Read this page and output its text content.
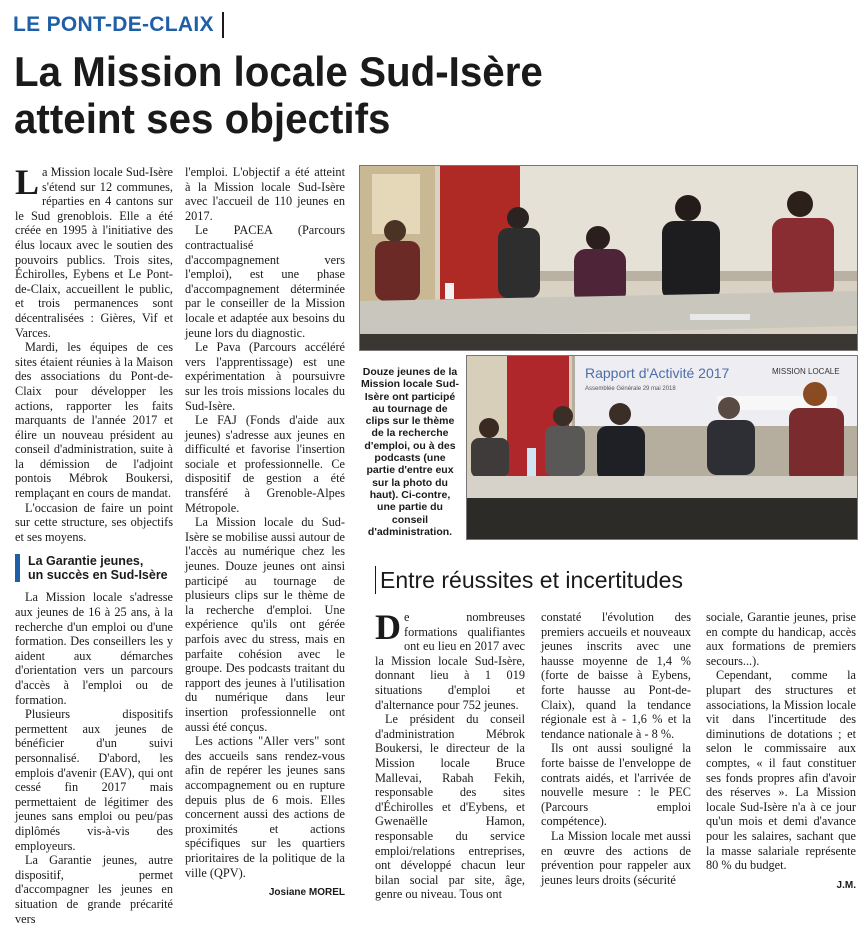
LE PONT-DE-CLAIX
La Mission locale Sud-Isère
atteint ses objectifs

La Mission locale Sud-Isère s'étend sur 12 communes, réparties en 4 cantons sur le Sud grenoblois. Elle a été créée en 1995 à l'initiative des élus locaux avec le soutien des pouvoirs publics. Trois sites, Échirolles, Eybens et Le Pont-de-Claix, accueillent le public, et trois permanences sont décentralisées : Gières, Vif et Varces.

Mardi, les équipes de ces sites étaient réunies à la Maison des associations du Pont-de-Claix pour développer les actions, rapporter les faits marquants de l'année 2017 et élire un nouveau président au conseil d'administration, suite à la démission de l'adjoint pontois Mébrok Boukersi, remplaçant en cours de mandat.

L'occasion de faire un point sur cette structure, ses objectifs et ses moyens.

La Garantie jeunes,
un succès en Sud-Isère

La Mission locale s'adresse aux jeunes de 16 à 25 ans, à la recherche d'un emploi ou d'une formation. Des conseillers les y aident aux démarches d'orientation vers un parcours d'accès à l'emploi ou de formation.

Plusieurs dispositifs permettent aux jeunes de bénéficier d'un suivi personnalisé. D'abord, les emplois d'avenir (EAV), qui ont cessé fin 2017 mais permettaient de légitimer des jeunes sans emploi ou peu/pas diplômés vis-à-vis des employeurs.

La Garantie jeunes, autre dispositif, permet d'accompagner les jeunes en situation de grande précarité vers

l'emploi. L'objectif a été atteint à la Mission locale Sud-Isère avec l'accueil de 110 jeunes en 2017.

Le PACEA (Parcours contractualisé d'accompagnement vers l'emploi), est une phase d'accompagnement déterminée par le conseiller de la Mission locale et adaptée aux besoins du jeune lors du diagnostic.

Le Pava (Parcours accéléré vers l'apprentissage) est une expérimentation à poursuivre sur les trois missions locales du Sud-Isère.

Le FAJ (Fonds d'aide aux jeunes) s'adresse aux jeunes en difficulté et favorise l'insertion sociale et professionnelle. Ce dispositif de gestion a été transféré à Grenoble-Alpes Métropole.

La Mission locale du Sud-Isère se mobilise aussi autour de l'accès au numérique chez les jeunes. Douze jeunes ont ainsi participé au tournage de plusieurs clips sur le thème de la recherche d'emploi. Une expérience qu'ils ont gérée parfois avec du stress, mais en parfaite cohésion avec le groupe. Des podcasts traitant du rapport des jeunes à l'utilisation du numérique dans leur insertion professionnelle ont aussi été conçus.

Les actions "Aller vers" sont des accueils sans rendez-vous afin de repérer les jeunes sans accompagnement ou en rupture depuis plus de 6 mois. Elles concernent aussi des actions de proximités et actions spécifiques sur les quartiers prioritaires de la politique de la ville (QPV).

Josiane MOREL

Douze jeunes de la Mission locale Sud-Isère ont participé au tournage de clips sur le thème de la recherche d'emploi, ou à des podcasts (une partie d'entre eux sur la photo du haut). Ci-contre, une partie du conseil d'administration.
Rapport d'Activité 2017
Assemblée Générale 29 mai 2018
MISSION LOCALE
Entre réussites et incertitudes

De nombreuses formations qualifiantes ont eu lieu en 2017 avec la Mission locale Sud-Isère, donnant lieu à 1 019 situations d'emploi et d'alternance pour 752 jeunes.

Le président du conseil d'administration Mébrok Boukersi, le directeur de la Mission locale Bruce Mallevai, Rabah Fekih, responsable des sites d'Échirolles et d'Eybens, et Gwenaëlle Hamon, responsable du service emploi/relations entreprises, ont développé chacun leur bilan social par site, âge, genre ou niveau. Tous ont

constaté l'évolution des premiers accueils et nouveaux jeunes inscrits avec une hausse moyenne de 1,4 % (forte de baisse à Eybens, forte hausse au Pont-de-Claix), quand la tendance régionale est à - 1,6 % et la tendance nationale à - 8 %.

Ils ont aussi souligné la forte baisse de l'enveloppe de contrats aidés, et l'arrivée de nouvelle mesure : le PEC (Parcours emploi compétence).

La Mission locale met aussi en œuvre des actions de prévention pour rappeler aux jeunes leurs droits (sécurité

sociale, Garantie jeunes, prise en compte du handicap, accès aux formations de premiers secours...).

Cependant, comme la plupart des structures et associations, la Mission locale vit dans l'incertitude des diminutions de dotations ; et selon le commissaire aux comptes, « il faut constituer ses fonds propres afin d'avoir des réserves ». La Mission locale Sud-Isère n'a à ce jour qu'un mois et demi d'avance pour les salaires, sachant que la masse salariale représente 80 % du budget.

J.M.
